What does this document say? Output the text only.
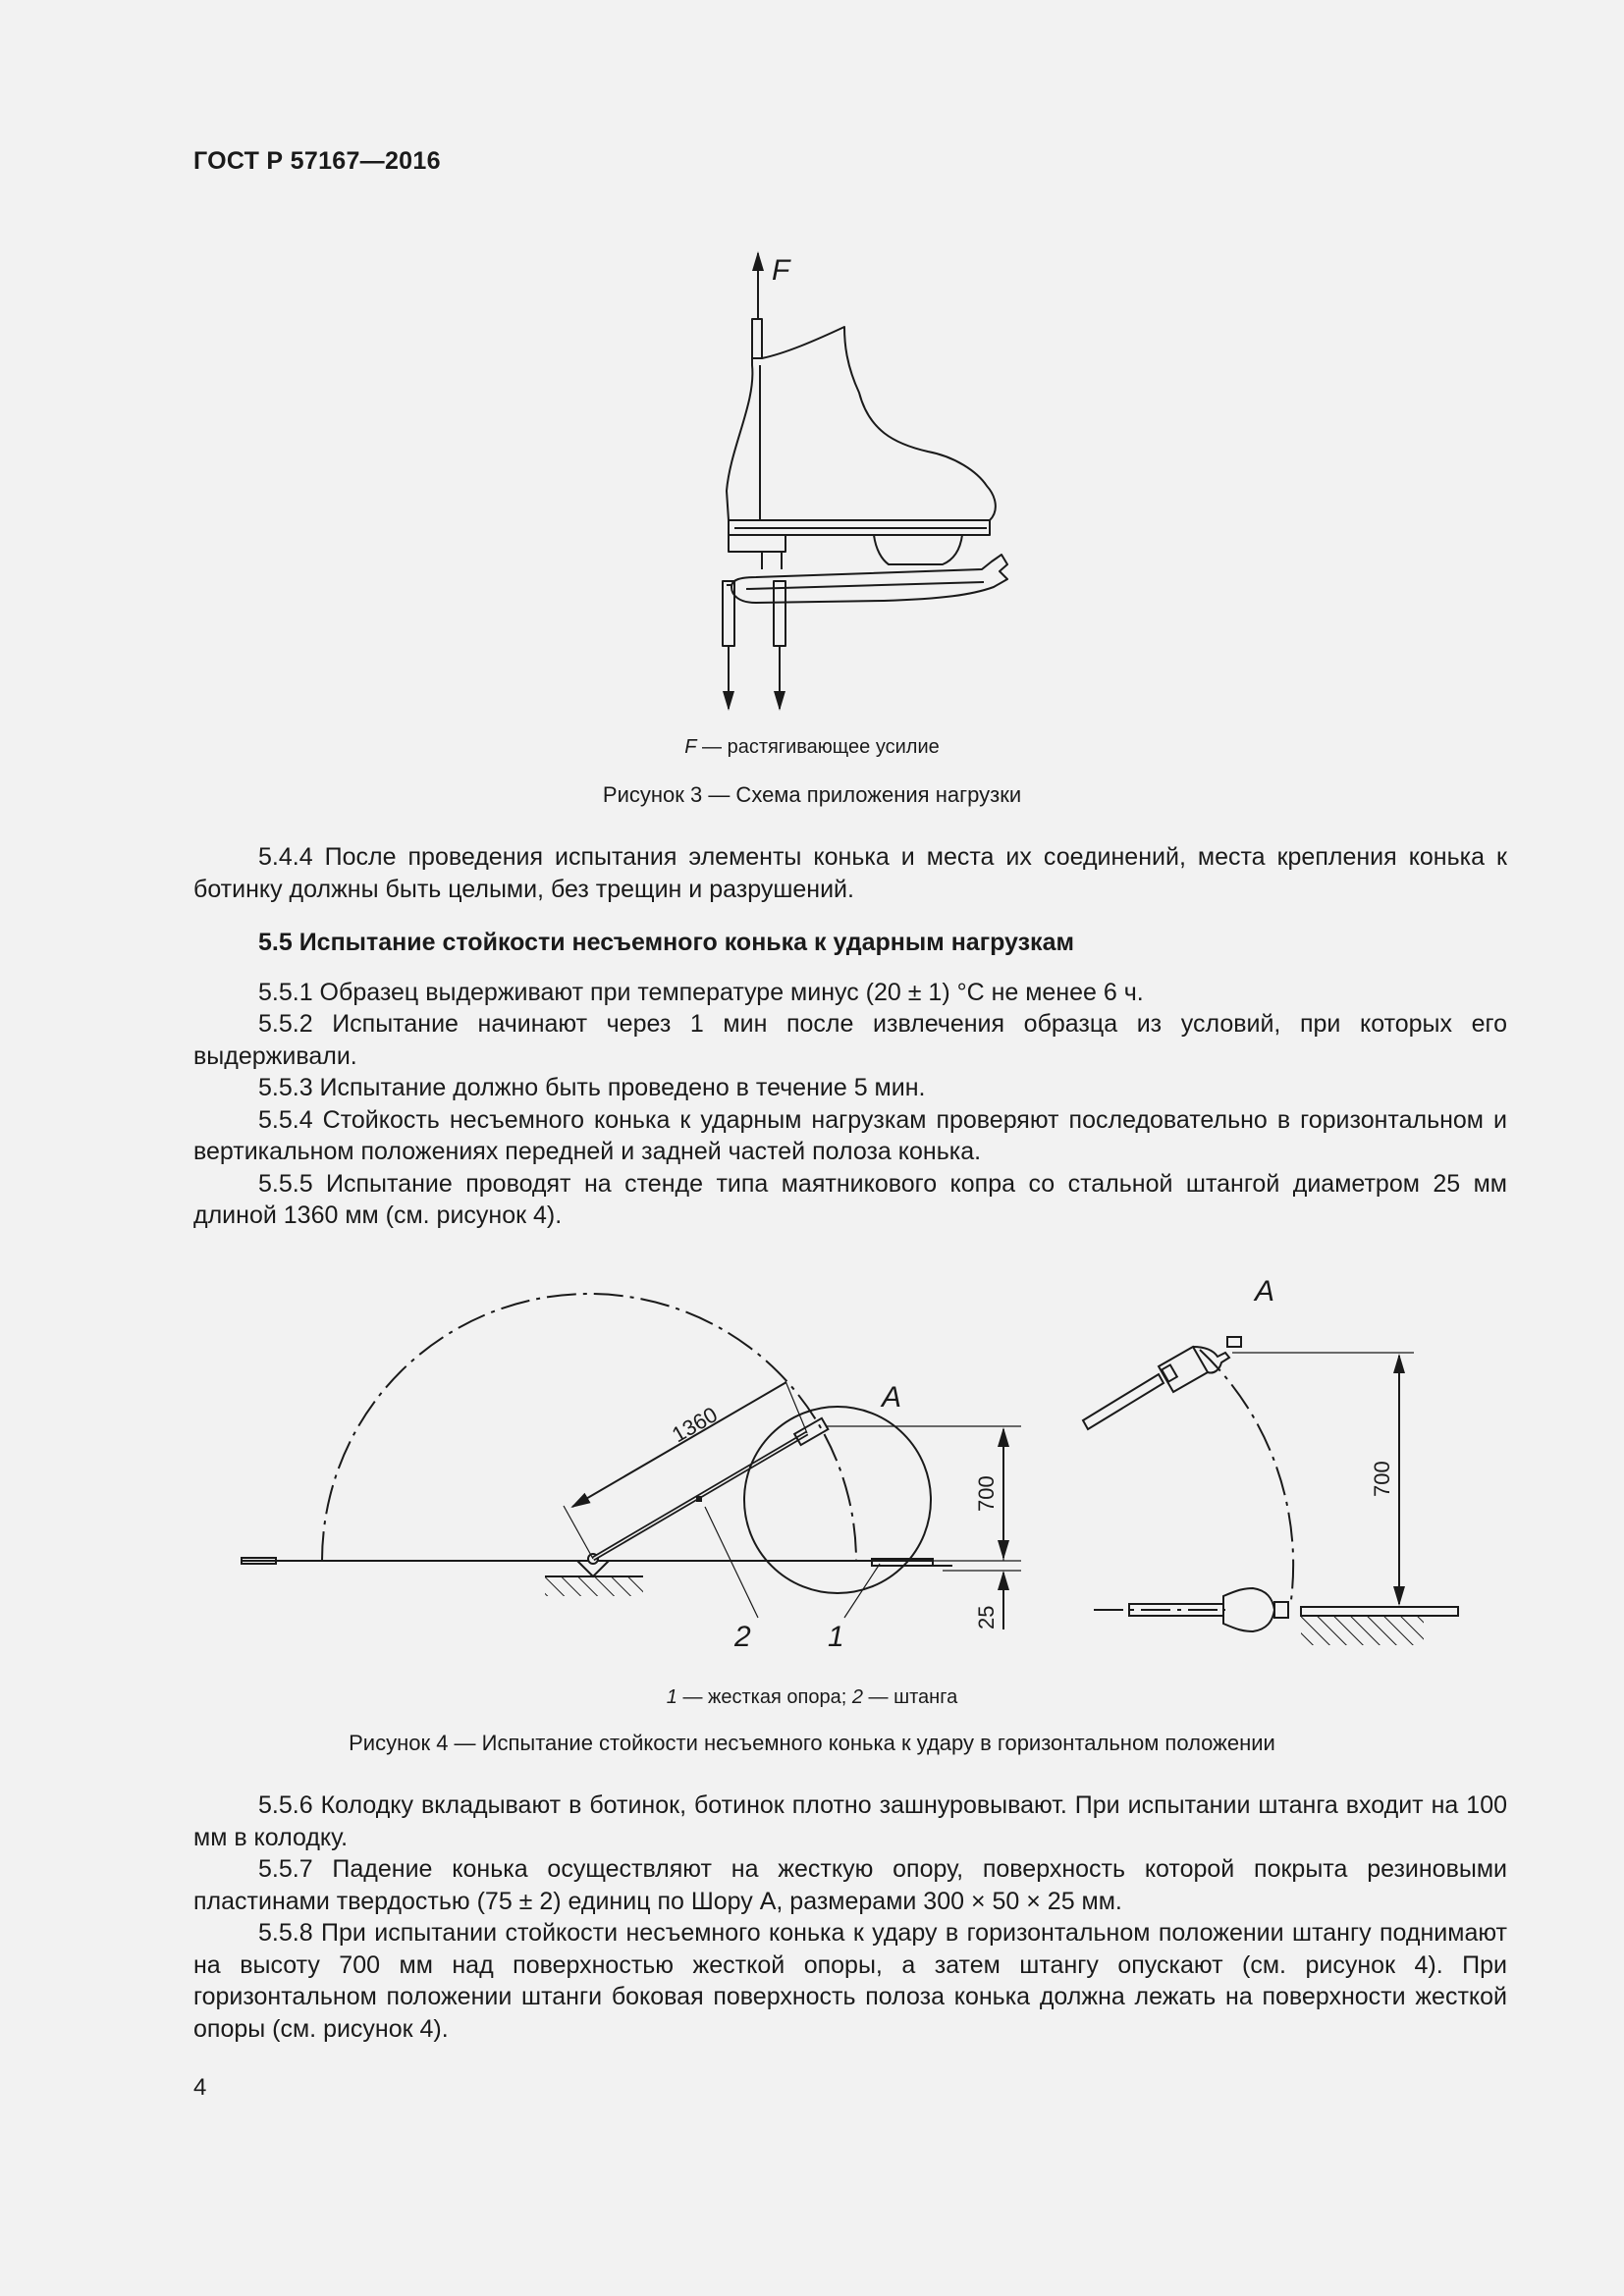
ГОСТ Р 57167—2016
F
F — растягивающее усилие
Рисунок 3 — Схема приложения нагрузки

5.4.4 После проведения испытания элементы конька и места их соединений, места крепления конька к ботинку должны быть целыми, без трещин и разрушений.

5.5 Испытание стойкости несъемного конька к ударным нагрузкам

5.5.1 Образец выдерживают при температуре минус (20 ± 1) °С не менее 6 ч.

5.5.2 Испытание начинают через 1 мин после извлечения образца из условий, при которых его выдерживали.

5.5.3 Испытание должно быть проведено в течение 5 мин.

5.5.4 Стойкость несъемного конька к ударным нагрузкам проверяют последовательно в горизонтальном и вертикальном положениях передней и задней частей полоза конька.

5.5.5 Испытание проводят на стенде типа маятникового копра со стальной штангой диаметром 25 мм длиной 1360 мм (см. рисунок 4).

1360
700
25
A
A
700
1
2
1 — жесткая опора; 2 — штанга
Рисунок 4 — Испытание стойкости несъемного конька к удару в горизонтальном положении

5.5.6 Колодку вкладывают в ботинок, ботинок плотно зашнуровывают. При испытании штанга входит на 100 мм в колодку.

5.5.7 Падение конька осуществляют на жесткую опору, поверхность которой покрыта резиновыми пластинами твердостью (75 ± 2) единиц по Шору А, размерами 300 × 50 × 25 мм.

5.5.8 При испытании стойкости несъемного конька к удару в горизонтальном положении штангу поднимают на высоту 700 мм над поверхностью жесткой опоры, а затем штангу опускают (см. рисунок 4). При горизонтальном положении штанги боковая поверхность полоза конька должна лежать на поверхности жесткой опоры (см. рисунок 4).

4
